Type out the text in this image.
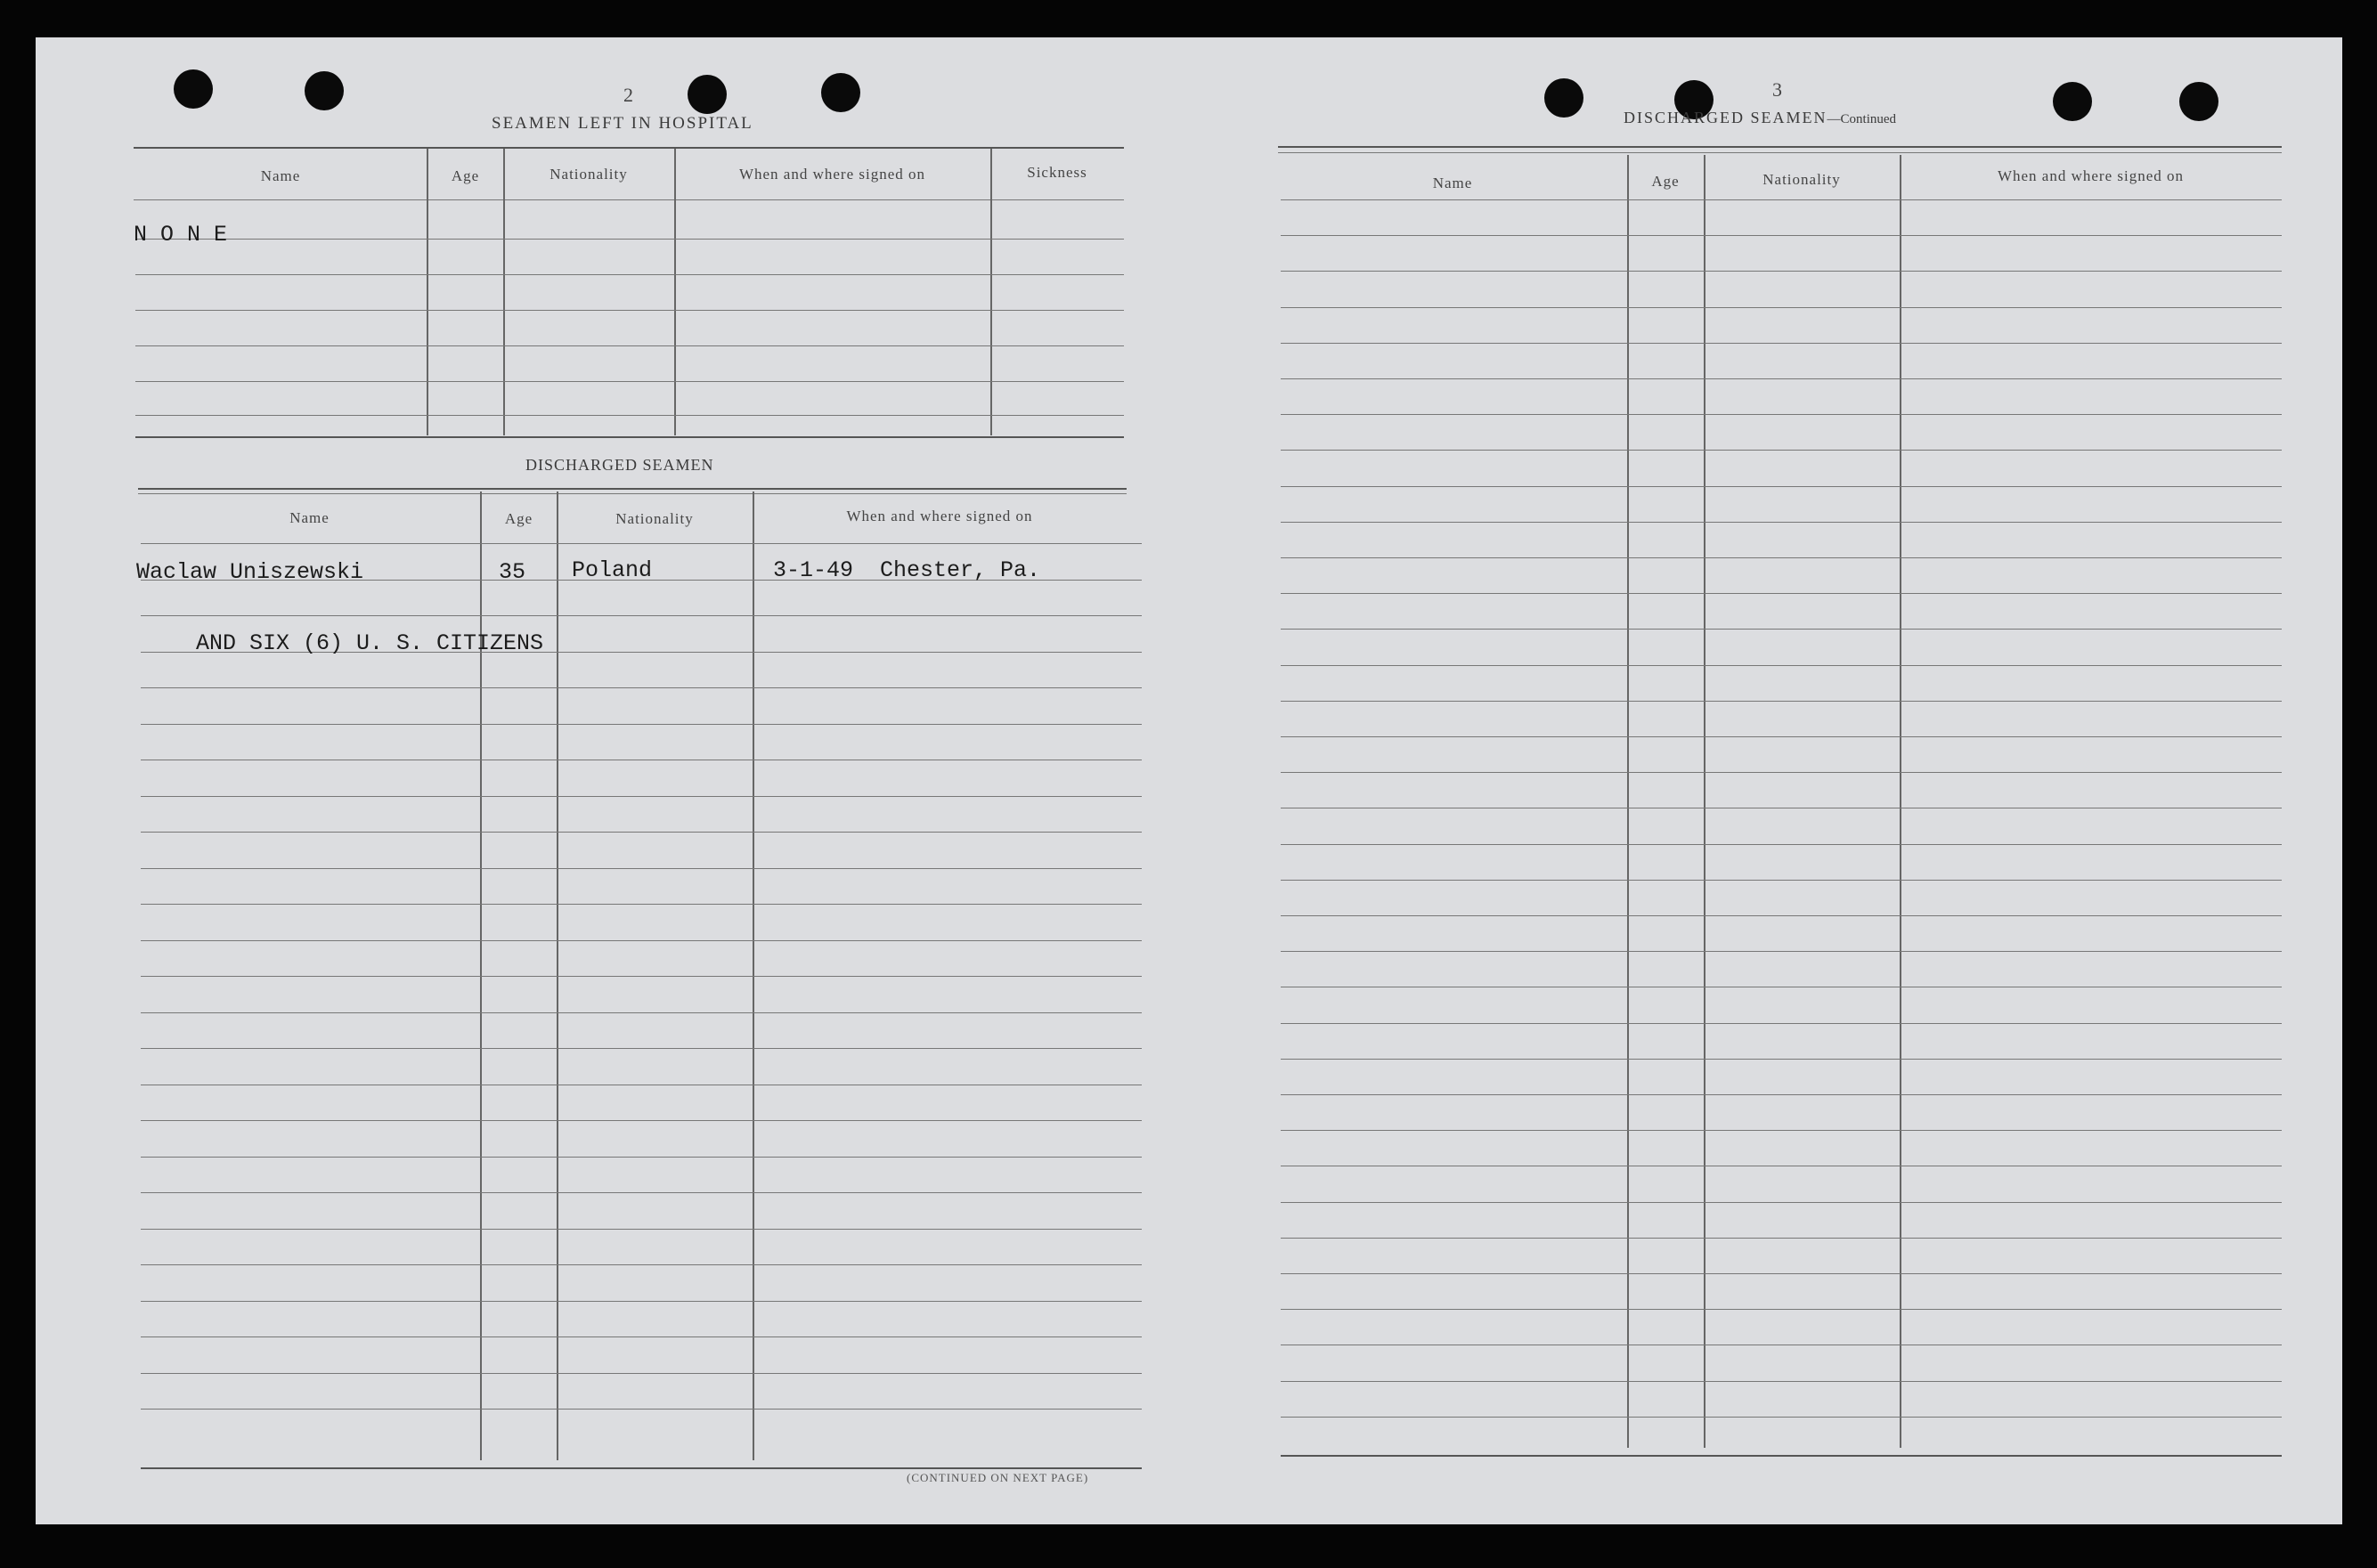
2
SEAMEN LEFT IN HOSPITAL
Name	Age	Nationality	When and where signed on	Sickness
N O N E
DISCHARGED SEAMEN
Name	Age	Nationality	When and where signed on
Waclaw Uniszewski	35 Poland	3-1-49  Chester, Pa.
AND SIX (6) U. S. CITIZENS
(CONTINUED ON NEXT PAGE)
3
DISCHARGED SEAMEN—Continued
Name	Age	Nationality	When and where signed on
